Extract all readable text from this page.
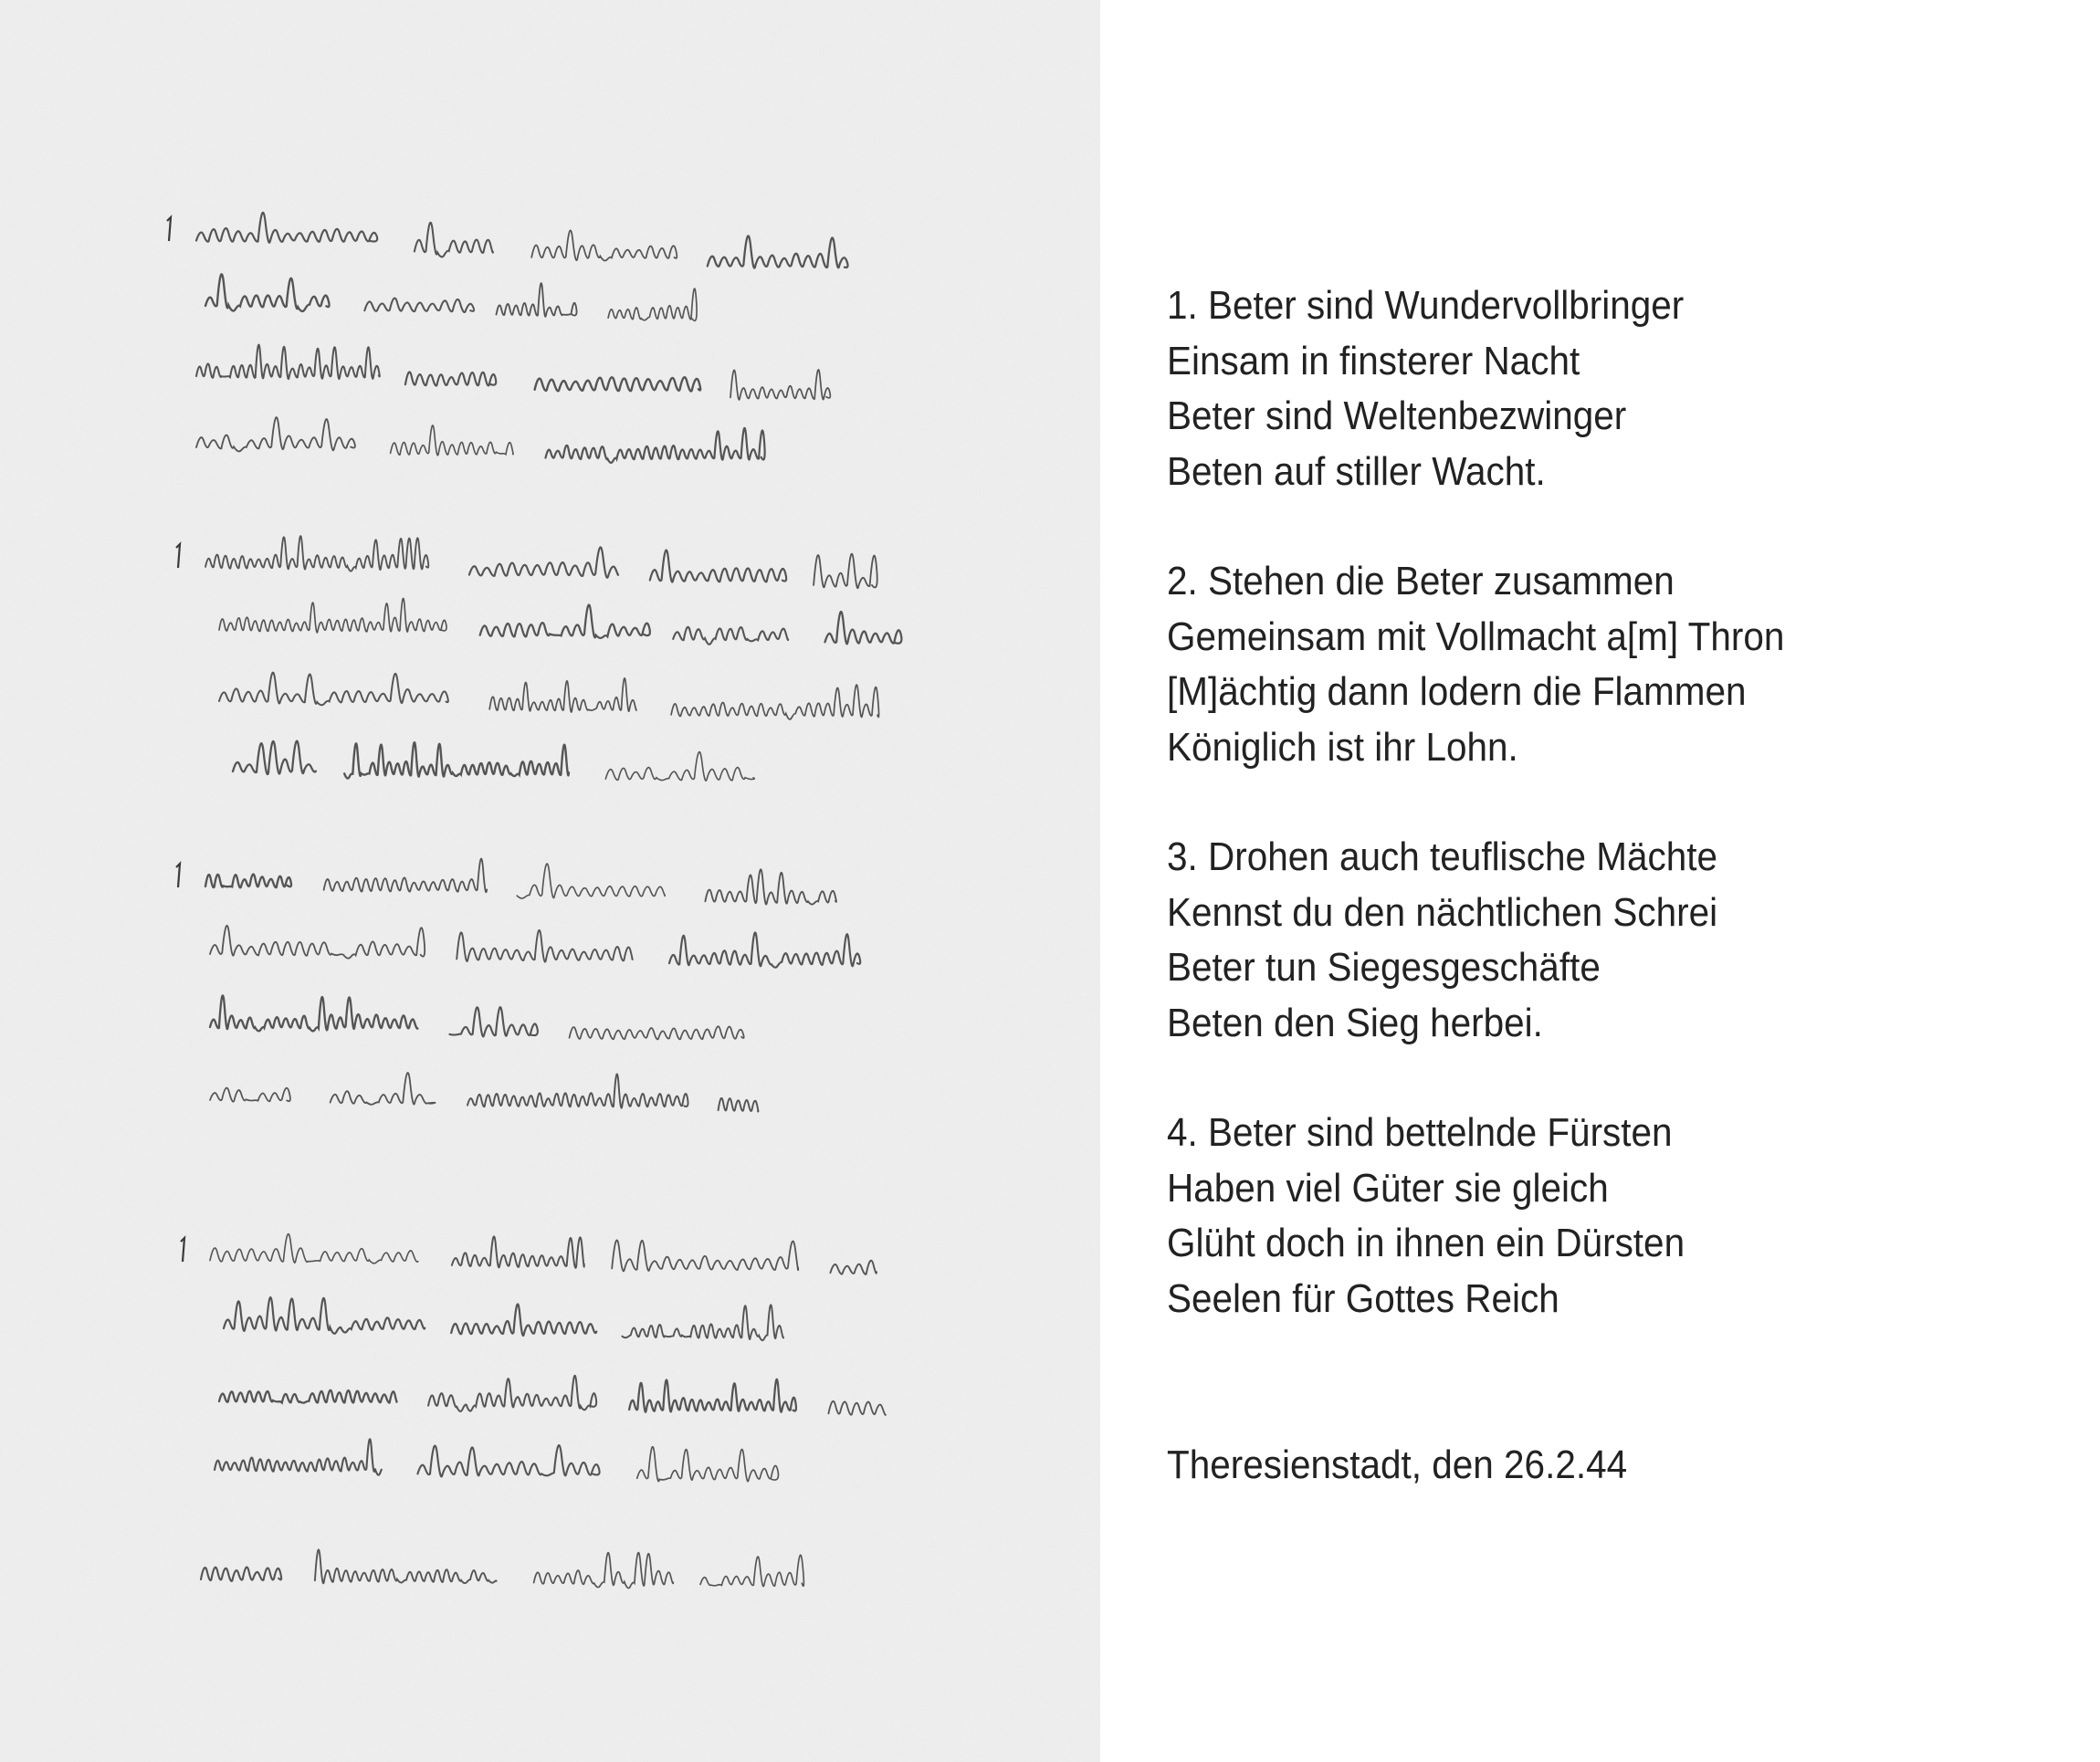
1. Beter sind Wundervollbringer
Einsam in finsterer Nacht
Beter sind Weltenbezwinger
Beten auf stiller Wacht.
2. Stehen die Beter zusammen
Gemeinsam mit Vollmacht a[m] Thron
[M]ächtig dann lodern die Flammen
Königlich ist ihr Lohn.
3. Drohen auch teuflische Mächte
Kennst du den nächtlichen Schrei
Beter tun Siegesgeschäfte
Beten den Sieg herbei.
4. Beter sind bettelnde Fürsten
Haben viel Güter sie gleich
Glüht doch in ihnen ein Dürsten
Seelen für Gottes Reich
Theresienstadt, den 26.2.44
